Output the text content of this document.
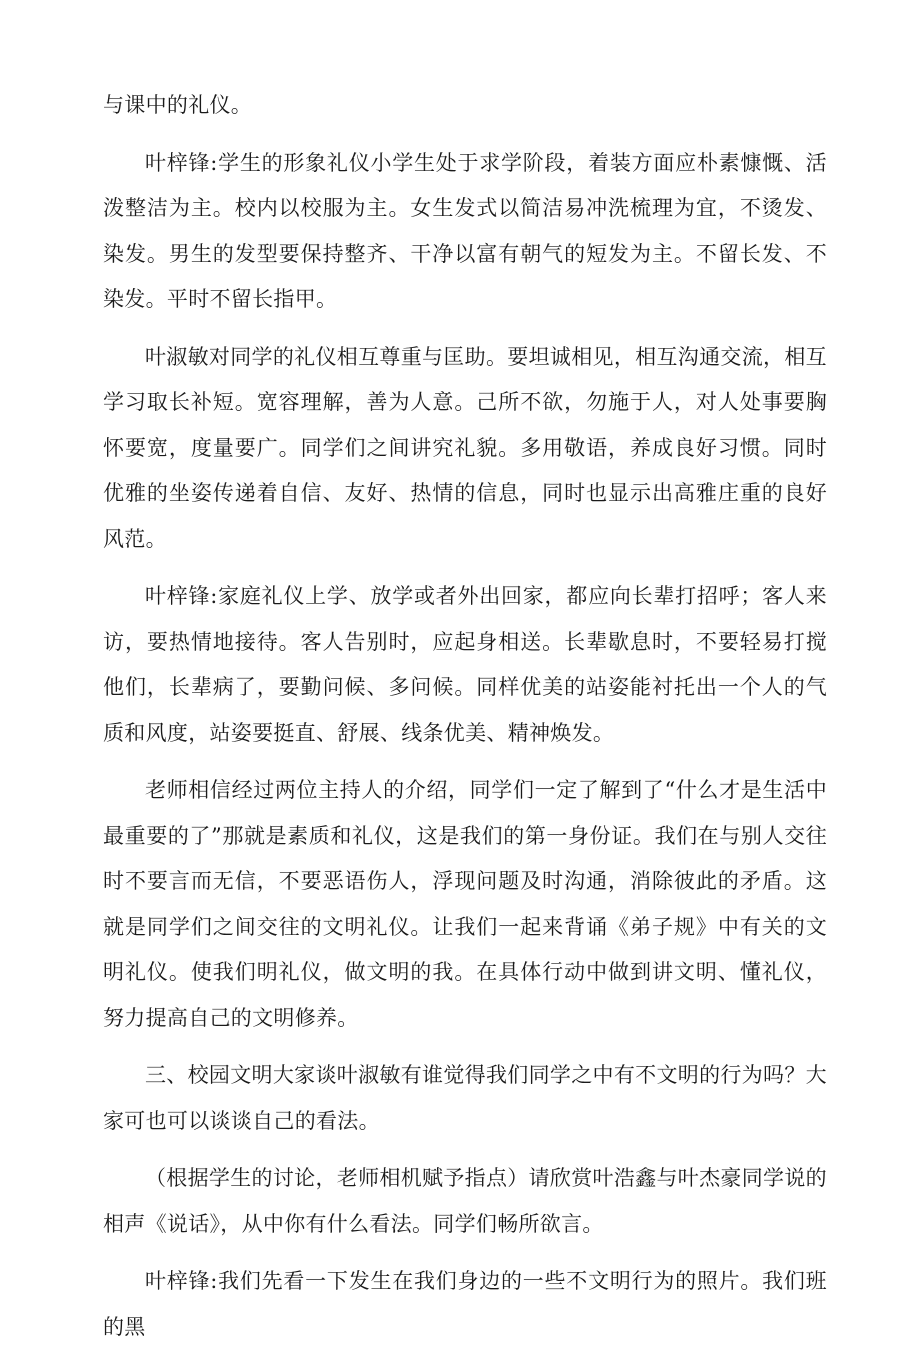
与课中的礼仪。

叶梓锋:学生的形象礼仪小学生处于求学阶段，着装方面应朴素慷慨、活泼整洁为主。校内以校服为主。女生发式以简洁易冲洗梳理为宜，不烫发、染发。男生的发型要保持整齐、干净以富有朝气的短发为主。不留长发、不染发。平时不留长指甲。

叶淑敏对同学的礼仪相互尊重与匡助。要坦诚相见，相互沟通交流，相互学习取长补短。宽容理解，善为人意。己所不欲，勿施于人，对人处事要胸怀要宽，度量要广。同学们之间讲究礼貌。多用敬语，养成良好习惯。同时优雅的坐姿传递着自信、友好、热情的信息，同时也显示出高雅庄重的良好风范。

叶梓锋:家庭礼仪上学、放学或者外出回家，都应向长辈打招呼；客人来访，要热情地接待。客人告别时，应起身相送。长辈歇息时，不要轻易打搅他们，长辈病了，要勤问候、多问候。同样优美的站姿能衬托出一个人的气质和风度，站姿要挺直、舒展、线条优美、精神焕发。

老师相信经过两位主持人的介绍，同学们一定了解到了“什么才是生活中最重要的了”那就是素质和礼仪，这是我们的第一身份证。我们在与别人交往时不要言而无信，不要恶语伤人，浮现问题及时沟通，消除彼此的矛盾。这就是同学们之间交往的文明礼仪。让我们一起来背诵《弟子规》中有关的文明礼仪。使我们明礼仪，做文明的我。在具体行动中做到讲文明、懂礼仪，努力提高自己的文明修养。

三、校园文明大家谈叶淑敏有谁觉得我们同学之中有不文明的行为吗？大家可也可以谈谈自己的看法。

（根据学生的讨论，老师相机赋予指点）请欣赏叶浩鑫与叶杰豪同学说的相声《说话》，从中你有什么看法。同学们畅所欲言。

叶梓锋:我们先看一下发生在我们身边的一些不文明行为的照片。我们班的黑
